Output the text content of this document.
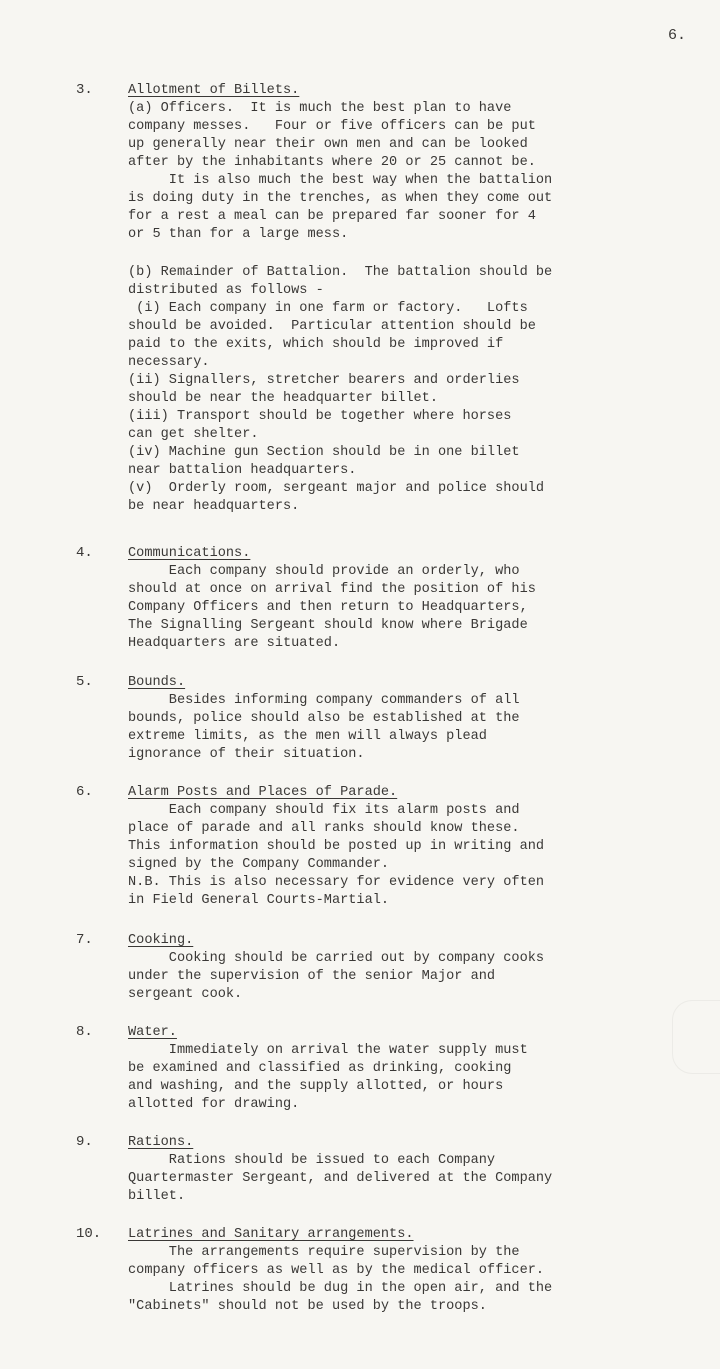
6.
3.	Allotment of Billets.
(a) Officers.  It is much the best plan to have
company messes.   Four or five officers can be put
up generally near their own men and can be looked
after by the inhabitants where 20 or 25 cannot be.
It is also much the best way when the battalion
is doing duty in the trenches, as when they come out
for a rest a meal can be prepared far sooner for 4
or 5 than for a large mess.
(b) Remainder of Battalion.  The battalion should be
distributed as follows -
(i) Each company in one farm or factory.   Lofts
should be avoided.  Particular attention should be
paid to the exits, which should be improved if
necessary.
(ii) Signallers, stretcher bearers and orderlies
should be near the headquarter billet.
(iii) Transport should be together where horses
can get shelter.
(iv) Machine gun Section should be in one billet
near battalion headquarters.
(v)  Orderly room, sergeant major and police should
be near headquarters.
4.	Communications.
Each company should provide an orderly, who
should at once on arrival find the position of his
Company Officers and then return to Headquarters,
The Signalling Sergeant should know where Brigade
Headquarters are situated.
5.	Bounds.
Besides informing company commanders of all
bounds, police should also be established at the
extreme limits, as the men will always plead
ignorance of their situation.
6.	Alarm Posts and Places of Parade.
Each company should fix its alarm posts and
place of parade and all ranks should know these.
This information should be posted up in writing and
signed by the Company Commander.
N.B. This is also necessary for evidence very often
in Field General Courts-Martial.
7.	Cooking.
Cooking should be carried out by company cooks
under the supervision of the senior Major and
sergeant cook.
8.	Water.
Immediately on arrival the water supply must
be examined and classified as drinking, cooking
and washing, and the supply allotted, or hours
allotted for drawing.
9.	Rations.
Rations should be issued to each Company
Quartermaster Sergeant, and delivered at the Company
billet.
10. Latrines and Sanitary arrangements.
The arrangements require supervision by the
company officers as well as by the medical officer.
Latrines should be dug in the open air, and the
"Cabinets" should not be used by the troops.
